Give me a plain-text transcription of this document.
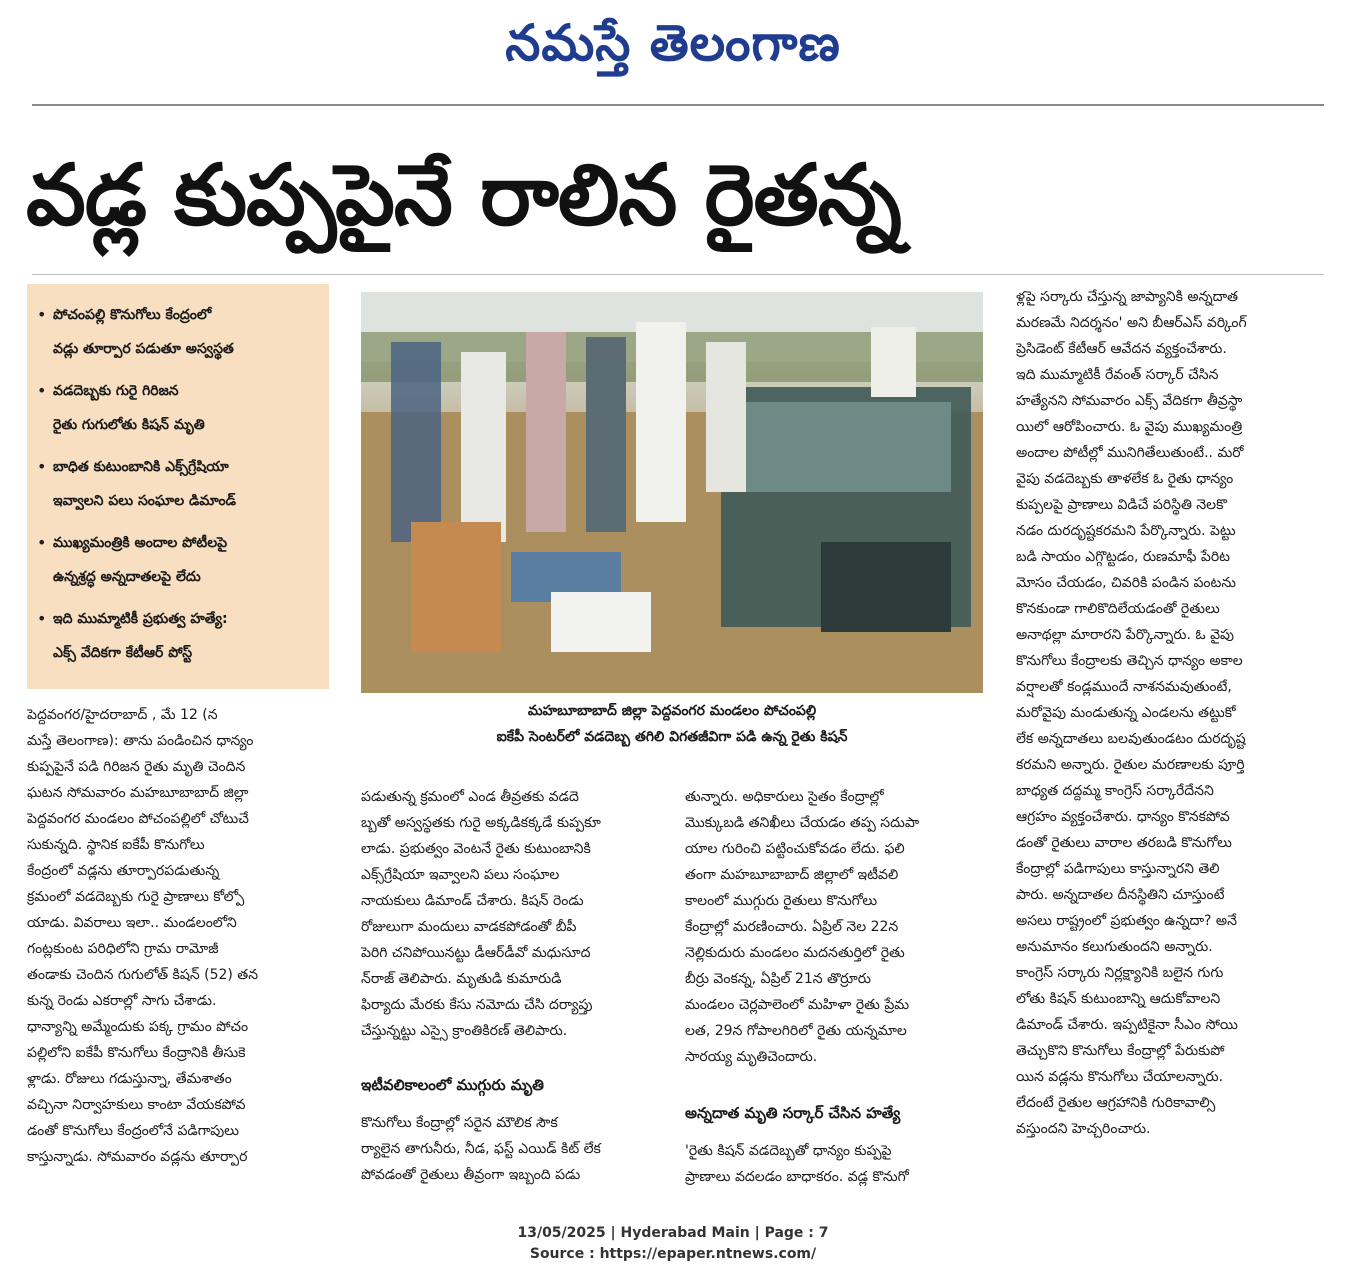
నమస్తే తెలంగాణ
వడ్ల కుప్పపైనే రాలిన రైతన్న
• పోచంపల్లి కొనుగోలు కేంద్రంలో
వడ్లు తూర్పార పడుతూ అస్వస్థత
• వడదెబ్బకు గురై గిరిజన
రైతు గుగులోతు కిషన్ మృతి
• బాధిత కుటుంబానికి ఎక్స్‌గ్రేషియా
ఇవ్వాలని పలు సంఘాల డిమాండ్
• ముఖ్యమంత్రికి అందాల పోటీలపై
ఉన్నశ్రద్ధ అన్నదాతలపై లేదు
• ఇది ముమ్మాటికీ ప్రభుత్వ హత్యే:
ఎక్స్ వేదికగా కేటీఆర్ పోస్ట్
మహబూబాబాద్ జిల్లా పెద్దవంగర మండలం పోచంపల్లి
ఐకేపీ సెంటర్‌లో వడదెబ్బ తగిలి విగతజీవిగా పడి ఉన్న రైతు కిషన్
పెద్దవంగర/హైదరాబాద్ , మే 12 (న
మస్తే తెలంగాణ): తాను పండించిన ధాన్యం
కుప్పపైనే పడి గిరిజన రైతు మృతి చెందిన
ఘటన సోమవారం మహబూబాబాద్ జిల్లా
పెద్దవంగర మండలం పోచంపల్లిలో చోటుచే
సుకున్నది. స్థానిక ఐకేపీ కొనుగోలు
కేంద్రంలో వడ్లను తూర్పారపడుతున్న
క్రమంలో వడదెబ్బకు గురై ప్రాణాలు కోల్పో
యాడు. వివరాలు ఇలా.. మండలంలోని
గంట్లకుంట పరిధిలోని గ్రామ రామోజీ
తండాకు చెందిన గుగులోత్ కిషన్ (52) తన
కున్న రెండు ఎకరాల్లో సాగు చేశాడు.
ధాన్యాన్ని అమ్మేందుకు పక్క గ్రామం పోచం
పల్లిలోని ఐకేపీ కొనుగోలు కేంద్రానికి తీసుకె
ళ్లాడు. రోజులు గడుస్తున్నా, తేమశాతం
వచ్చినా నిర్వాహకులు కాంటా వేయకపోవ
డంతో కొనుగోలు కేంద్రంలోనే పడిగాపులు
కాస్తున్నాడు. సోమవారం వడ్లను తూర్పార
పడుతున్న క్రమంలో ఎండ తీవ్రతకు వడదె
బ్బతో అస్వస్థతకు గురై అక్కడికక్కడే కుప్పకూ
లాడు. ప్రభుత్వం వెంటనే రైతు కుటుంబానికి
ఎక్స్‌గ్రేషియా ఇవ్వాలని పలు సంఘాల
నాయకులు డిమాండ్ చేశారు. కిషన్ రెండు
రోజులుగా మందులు వాడకపోడంతో బీపీ
పెరిగి చనిపోయినట్టు డీఆర్‌డీవో మధుసూద
న్‌రాజ్ తెలిపారు. మృతుడి కుమారుడి
ఫిర్యాదు మేరకు కేసు నమోదు చేసి దర్యాప్తు
చేస్తున్నట్టు ఎస్సై క్రాంతికిరణ్ తెలిపారు.
ఇటీవలికాలంలో ముగ్గురు మృతి
కొనుగోలు కేంద్రాల్లో సరైన మౌలిక సౌక
ర్యాలైన తాగునీరు, నీడ, ఫస్ట్ ఎయిడ్ కిట్ లేక
పోవడంతో రైతులు తీవ్రంగా ఇబ్బంది పడు
తున్నారు. అధికారులు సైతం కేంద్రాల్లో
మొక్కుబడి తనిఖీలు చేయడం తప్ప సదుపా
యాల గురించి పట్టించుకోవడం లేదు. ఫలి
తంగా మహబూబాబాద్ జిల్లాలో ఇటీవలి
కాలంలో ముగ్గురు రైతులు కొనుగోలు
కేంద్రాల్లో మరణించారు. ఏప్రిల్ నెల 22న
నెల్లికుదురు మండలం మదనతుర్తిలో రైతు
బీర్రు వెంకన్న, ఏప్రిల్ 21న తొర్రూరు
మండలం చెర్లపాలెంలో మహిళా రైతు ప్రేమ
లత, 29న గోపాలగిరిలో రైతు యన్నమాల
సారయ్య మృతిచెందారు.
అన్నదాత మృతి సర్కార్ చేసిన హత్యే
'రైతు కిషన్ వడదెబ్బతో ధాన్యం కుప్పపై
ప్రాణాలు వదలడం బాధాకరం. వడ్ల కొనుగో
ళ్లపై సర్కారు చేస్తున్న జాప్యానికి అన్నదాత
మరణమే నిదర్శనం' అని బీఆర్‌ఎస్ వర్కింగ్
ప్రెసిడెంట్ కేటీఆర్ ఆవేదన వ్యక్తంచేశారు.
ఇది ముమ్మాటికీ రేవంత్ సర్కార్ చేసిన
హత్యేనని సోమవారం ఎక్స్ వేదికగా తీవ్రస్థా
యిలో ఆరోపించారు. ఓ వైపు ముఖ్యమంత్రి
అందాల పోటీల్లో మునిగితేలుతుంటే.. మరో
వైపు వడదెబ్బకు తాళలేక ఓ రైతు ధాన్యం
కుప్పలపై ప్రాణాలు విడిచే పరిస్థితి నెలకొ
నడం దురదృష్టకరమని పేర్కొన్నారు. పెట్టు
బడి సాయం ఎగ్గొట్టడం, రుణమాఫీ పేరిట
మోసం చేయడం, చివరికి పండిన పంటను
కొనకుండా గాలికొదిలేయడంతో రైతులు
అనాథల్లా మారారని పేర్కొన్నారు. ఓ వైపు
కొనుగోలు కేంద్రాలకు తెచ్చిన ధాన్యం అకాల
వర్షాలతో కండ్లముందే నాశనమవుతుంటే,
మరోవైపు మండుతున్న ఎండలను తట్టుకో
లేక అన్నదాతలు బలవుతుండటం దురదృష్ట
కరమని అన్నారు. రైతుల మరణాలకు పూర్తి
బాధ్యత దద్దమ్మ కాంగ్రెస్ సర్కారేదేనని
ఆగ్రహం వ్యక్తంచేశారు. ధాన్యం కొనకపోవ
డంతో రైతులు వారాల తరబడి కొనుగోలు
కేంద్రాల్లో పడిగాపులు కాస్తున్నారని తెలి
పారు. అన్నదాతల దీనస్థితిని చూస్తుంటే
అసలు రాష్ట్రంలో ప్రభుత్వం ఉన్నదా? అనే
అనుమానం కలుగుతుందని అన్నారు.
కాంగ్రెస్ సర్కారు నిర్లక్ష్యానికి బలైన గుగు
లోతు కిషన్ కుటుంబాన్ని ఆదుకోవాలని
డిమాండ్ చేశారు. ఇప్పటికైనా సీఎం సోయి
తెచ్చుకొని కొనుగోలు కేంద్రాల్లో పేరుకుపో
యిన వడ్లను కొనుగోలు చేయాలన్నారు.
లేదంటే రైతుల ఆగ్రహానికి గురికావాల్సి
వస్తుందని హెచ్చరించారు.
13/05/2025 | Hyderabad Main | Page : 7
Source : https://epaper.ntnews.com/
